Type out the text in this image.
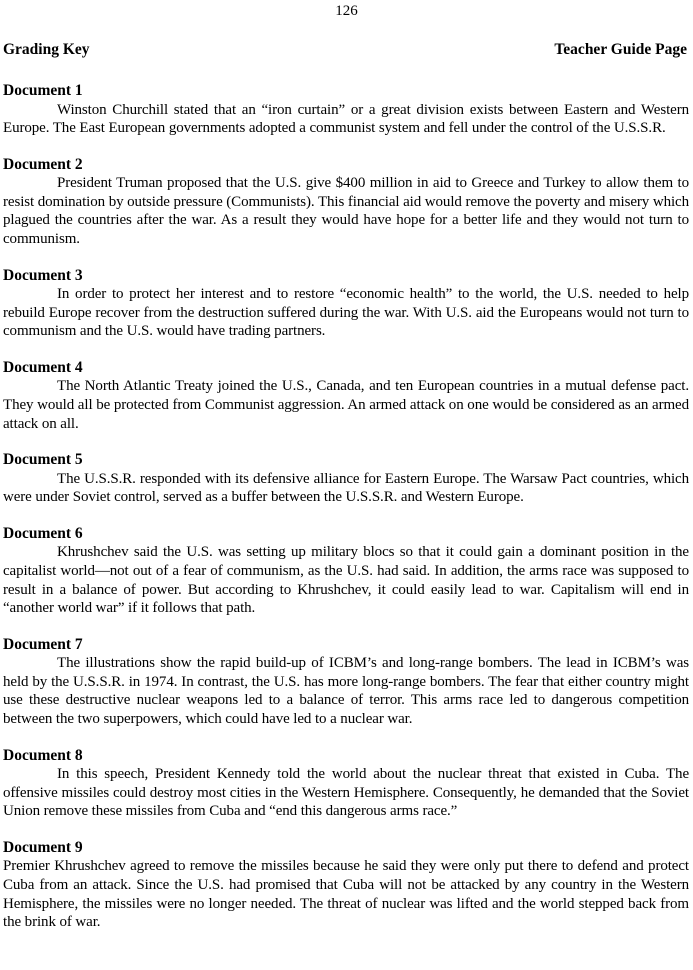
126
Grading Key	Teacher Guide Page
Document 1
Winston Churchill stated that an “iron curtain” or a great division exists between Eastern and Western Europe. The East European governments adopted a communist system and fell under the control of the U.S.S.R.
Document 2
President Truman proposed that the U.S. give $400 million in aid to Greece and Turkey to allow them to resist domination by outside pressure (Communists). This financial aid would remove the poverty and misery which plagued the countries after the war. As a result they would have hope for a better life and they would not turn to communism.
Document 3
In order to protect her interest and to restore “economic health” to the world, the U.S. needed to help rebuild Europe recover from the destruction suffered during the war. With U.S. aid the Europeans would not turn to communism and the U.S. would have trading partners.
Document 4
The North Atlantic Treaty joined the U.S., Canada, and ten European countries in a mutual defense pact. They would all be protected from Communist aggression. An armed attack on one would be considered as an armed attack on all.
Document 5
The U.S.S.R. responded with its defensive alliance for Eastern Europe. The Warsaw Pact countries, which were under Soviet control, served as a buffer between the U.S.S.R. and Western Europe.
Document 6
Khrushchev said the U.S. was setting up military blocs so that it could gain a dominant position in the capitalist world—not out of a fear of communism, as the U.S. had said. In addition, the arms race was supposed to result in a balance of power. But according to Khrushchev, it could easily lead to war. Capitalism will end in “another world war” if it follows that path.
Document 7
The illustrations show the rapid build-up of ICBM’s and long-range bombers. The lead in ICBM’s was held by the U.S.S.R. in 1974. In contrast, the U.S. has more long-range bombers. The fear that either country might use these destructive nuclear weapons led to a balance of terror. This arms race led to dangerous competition between the two superpowers, which could have led to a nuclear war.
Document 8
In this speech, President Kennedy told the world about the nuclear threat that existed in Cuba. The offensive missiles could destroy most cities in the Western Hemisphere. Consequently, he demanded that the Soviet Union remove these missiles from Cuba and “end this dangerous arms race.”
Document 9
Premier Khrushchev agreed to remove the missiles because he said they were only put there to defend and protect Cuba from an attack. Since the U.S. had promised that Cuba will not be attacked by any country in the Western Hemisphere, the missiles were no longer needed. The threat of nuclear was lifted and the world stepped back from the brink of war.
